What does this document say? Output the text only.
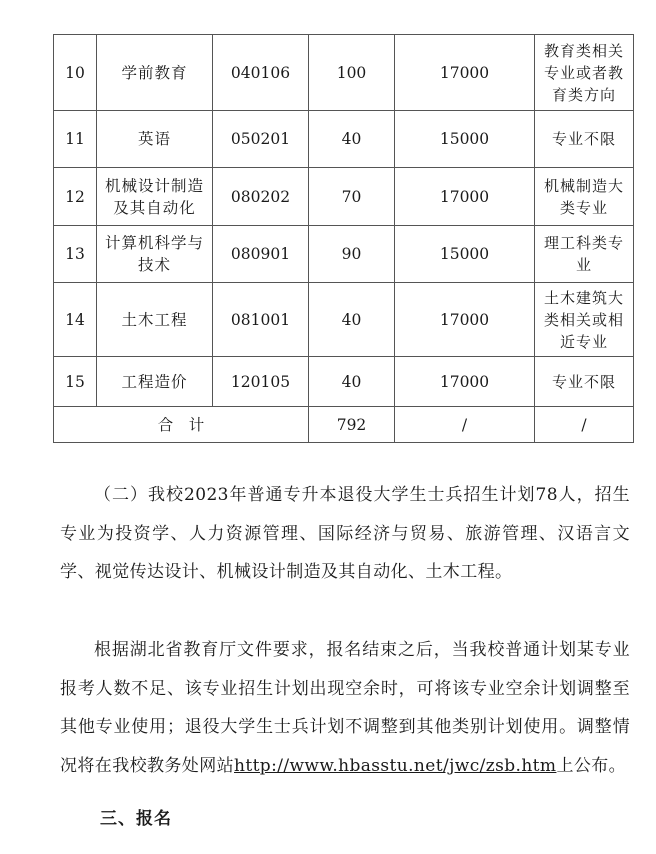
10	学前教育	040106	100	17000	教育类相关专业或者教育类方向
11	英语	050201	40	15000	专业不限
12	机械设计制造及其自动化	080202	70	17000	机械制造大类专业
13	计算机科学与技术	080901	90	15000	理工科类专业
14	土木工程	081001	40	17000	土木建筑大类相关或相近专业
15	工程造价	120105	40	17000	专业不限
合　计			792	/	/

（二）我校2023年普通专升本退役大学生士兵招生计划78人，招生专业为投资学、人力资源管理、国际经济与贸易、旅游管理、汉语言文学、视觉传达设计、机械设计制造及其自动化、土木工程。

根据湖北省教育厅文件要求，报名结束之后，当我校普通计划某专业报考人数不足、该专业招生计划出现空余时，可将该专业空余计划调整至其他专业使用；退役大学生士兵计划不调整到其他类别计划使用。调整情况将在我校教务处网站http://www.hbasstu.net/jwc/zsb.htm上公布。

三、报名
